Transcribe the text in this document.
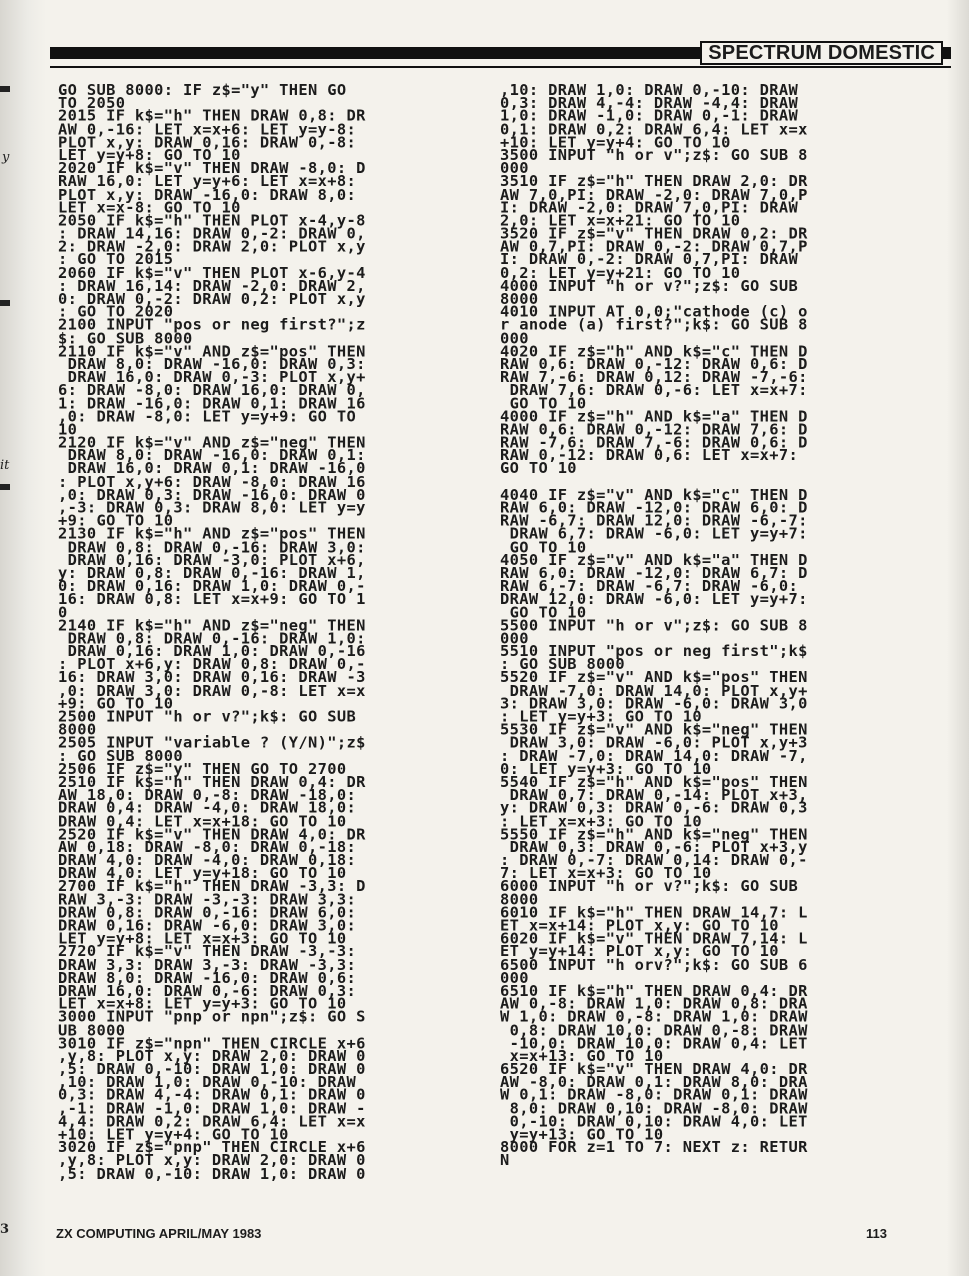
y
it
3
SPECTRUM DOMESTIC
GO SUB 8000: IF z$="y" THEN GO
TO 2050
2015 IF k$="h" THEN DRAW 0,8: DR
AW 0,-16: LET x=x+6: LET y=y-8:
PLOT x,y: DRAW 0,16: DRAW 0,-8:
LET y=y+8: GO TO 10
2020 IF k$="v" THEN DRAW -8,0: D
RAW 16,0: LET y=y+6: LET x=x+8:
PLOT x,y: DRAW -16,0: DRAW 8,0:
LET x=x-8: GO TO 10
2050 IF k$="h" THEN PLOT x-4,y-8
: DRAW 14,16: DRAW 0,-2: DRAW 0,
2: DRAW -2,0: DRAW 2,0: PLOT x,y
: GO TO 2015
2060 IF k$="v" THEN PLOT x-6,y-4
: DRAW 16,14: DRAW -2,0: DRAW 2,
0: DRAW 0,-2: DRAW 0,2: PLOT x,y
: GO TO 2020
2100 INPUT "pos or neg first?";z
$: GO SUB 8000
2110 IF k$="v" AND z$="pos" THEN
DRAW 8,0: DRAW -16,0: DRAW 0,3:
DRAW 16,0: DRAW 0,-3: PLOT x,y+
6: DRAW -8,0: DRAW 16,0: DRAW 0,
1: DRAW -16,0: DRAW 0,1: DRAW 16
,0: DRAW -8,0: LET y=y+9: GO TO
10
2120 IF k$="v" AND z$="neg" THEN
DRAW 8,0: DRAW -16,0: DRAW 0,1:
DRAW 16,0: DRAW 0,1: DRAW -16,0
: PLOT x,y+6: DRAW -8,0: DRAW 16
,0: DRAW 0,3: DRAW -16,0: DRAW 0
,-3: DRAW 0,3: DRAW 8,0: LET y=y
+9: GO TO 10
2130 IF k$="h" AND z$="pos" THEN
DRAW 0,8: DRAW 0,-16: DRAW 3,0:
DRAW 0,16: DRAW -3,0: PLOT x+6,
y: DRAW 0,8: DRAW 0,-16: DRAW 1,
0: DRAW 0,16: DRAW 1,0: DRAW 0,-
16: DRAW 0,8: LET x=x+9: GO TO 1
0
2140 IF k$="h" AND z$="neg" THEN
DRAW 0,8: DRAW 0,-16: DRAW 1,0:
DRAW 0,16: DRAW 1,0: DRAW 0,-16
: PLOT x+6,y: DRAW 0,8: DRAW 0,-
16: DRAW 3,0: DRAW 0,16: DRAW -3
,0: DRAW 3,0: DRAW 0,-8: LET x=x
+9: GO TO 10
2500 INPUT "h or v?";k$: GO SUB
8000
2505 INPUT "variable ? (Y/N)";z$
: GO SUB 8000
2506 IF z$="y" THEN GO TO 2700
2510 IF k$="h" THEN DRAW 0,4: DR
AW 18,0: DRAW 0,-8: DRAW -18,0:
DRAW 0,4: DRAW -4,0: DRAW 18,0:
DRAW 0,4: LET x=x+18: GO TO 10
2520 IF k$="v" THEN DRAW 4,0: DR
AW 0,18: DRAW -8,0: DRAW 0,-18:
DRAW 4,0: DRAW -4,0: DRAW 0,18:
DRAW 4,0: LET y=y+18: GO TO 10
2700 IF k$="h" THEN DRAW -3,3: D
RAW 3,-3: DRAW -3,-3: DRAW 3,3:
DRAW 0,8: DRAW 0,-16: DRAW 6,0:
DRAW 0,16: DRAW -6,0: DRAW 3,0:
LET y=y+8: LET x=x+3: GO TO 10
2720 IF k$="v" THEN DRAW -3,-3:
DRAW 3,3: DRAW 3,-3: DRAW -3,3:
DRAW 8,0: DRAW -16,0: DRAW 0,6:
DRAW 16,0: DRAW 0,-6: DRAW 0,3:
LET x=x+8: LET y=y+3: GO TO 10
3000 INPUT "pnp or npn";z$: GO S
UB 8000
3010 IF z$="npn" THEN CIRCLE x+6
,y,8: PLOT x,y: DRAW 2,0: DRAW 0
,5: DRAW 0,-10: DRAW 1,0: DRAW 0
,10: DRAW 1,0: DRAW 0,-10: DRAW
0,3: DRAW 4,-4: DRAW 0,1: DRAW 0
,-1: DRAW -1,0: DRAW 1,0: DRAW -
4,4: DRAW 0,2: DRAW 6,4: LET x=x
+10: LET y=y+4: GO TO 10
3020 IF z$="pnp" THEN CIRCLE x+6
,y,8: PLOT x,y: DRAW 2,0: DRAW 0
,5: DRAW 0,-10: DRAW 1,0: DRAW 0

,10: DRAW 1,0: DRAW 0,-10: DRAW
0,3: DRAW 4,-4: DRAW -4,4: DRAW
1,0: DRAW -1,0: DRAW 0,-1: DRAW
0,1: DRAW 0,2: DRAW 6,4: LET x=x
+10: LET y=y+4: GO TO 10
3500 INPUT "h or v";z$: GO SUB 8
000
3510 IF z$="h" THEN DRAW 2,0: DR
AW 7,0,PI: DRAW -2,0: DRAW 7,0,P
I: DRAW -2,0: DRAW 7,0,PI: DRAW
2,0: LET x=x+21: GO TO 10
3520 IF z$="v" THEN DRAW 0,2: DR
AW 0,7,PI: DRAW 0,-2: DRAW 0,7,P
I: DRAW 0,-2: DRAW 0,7,PI: DRAW
0,2: LET y=y+21: GO TO 10
4000 INPUT "h or v?";z$: GO SUB
8000
4010 INPUT AT 0,0;"cathode (c) o
r anode (a) first?";k$: GO SUB 8
000
4020 IF z$="h" AND k$="c" THEN D
RAW 0,6: DRAW 0,-12: DRAW 0,6: D
RAW 7,-6: DRAW 0,12: DRAW -7,-6:
DRAW 7,6: DRAW 0,-6: LET x=x+7:
GO TO 10
4000 IF z$="h" AND k$="a" THEN D
RAW 0,6: DRAW 0,-12: DRAW 7,6: D
RAW -7,6: DRAW 7,-6: DRAW 0,6: D
RAW 0,-12: DRAW 0,6: LET x=x+7:
GO TO 10

4040 IF z$="v" AND k$="c" THEN D
RAW 6,0: DRAW -12,0: DRAW 6,0: D
RAW -6,7: DRAW 12,0: DRAW -6,-7:
DRAW 6,7: DRAW -6,0: LET y=y+7:
GO TO 10
4050 IF z$="v" AND k$="a" THEN D
RAW 6,0: DRAW -12,0: DRAW 6,7: D
RAW 6,-7: DRAW -6,7: DRAW -6,0:
DRAW 12,0: DRAW -6,0: LET y=y+7:
GO TO 10
5500 INPUT "h or v";z$: GO SUB 8
000
5510 INPUT "pos or neg first";k$
: GO SUB 8000
5520 IF z$="v" AND k$="pos" THEN
DRAW -7,0: DRAW 14,0: PLOT x,y+
3: DRAW 3,0: DRAW -6,0: DRAW 3,0
: LET y=y+3: GO TO 10
5530 IF z$="v" AND k$="neg" THEN
DRAW 3,0: DRAW -6,0: PLOT x,y+3
: DRAW -7,0: DRAW 14,0: DRAW -7,
0: LET y=y+3: GO TO 10
5540 IF z$="h" AND k$="pos" THEN
DRAW 0,7: DRAW 0,-14: PLOT x+3,
y: DRAW 0,3: DRAW 0,-6: DRAW 0,3
: LET x=x+3: GO TO 10
5550 IF z$="h" AND k$="neg" THEN
DRAW 0,3: DRAW 0,-6: PLOT x+3,y
: DRAW 0,-7: DRAW 0,14: DRAW 0,-
7: LET x=x+3: GO TO 10
6000 INPUT "h or v?";k$: GO SUB
8000
6010 IF k$="h" THEN DRAW 14,7: L
ET x=x+14: PLOT x,y: GO TO 10
6020 IF k$="v" THEN DRAW 7,14: L
ET y=y+14: PLOT x,y: GO TO 10
6500 INPUT "h orv?";k$: GO SUB 6
000
6510 IF k$="h" THEN DRAW 0,4: DR
AW 0,-8: DRAW 1,0: DRAW 0,8: DRA
W 1,0: DRAW 0,-8: DRAW 1,0: DRAW
0,8: DRAW 10,0: DRAW 0,-8: DRAW
-10,0: DRAW 10,0: DRAW 0,4: LET
x=x+13: GO TO 10
6520 IF k$="v" THEN DRAW 4,0: DR
AW -8,0: DRAW 0,1: DRAW 8,0: DRA
W 0,1: DRAW -8,0: DRAW 0,1: DRAW
8,0: DRAW 0,10: DRAW -8,0: DRAW
0,-10: DRAW 0,10: DRAW 4,0: LET
y=y+13: GO TO 10
8000 FOR z=1 TO 7: NEXT z: RETUR
N

ZX COMPUTING APRIL/MAY 1983	113
